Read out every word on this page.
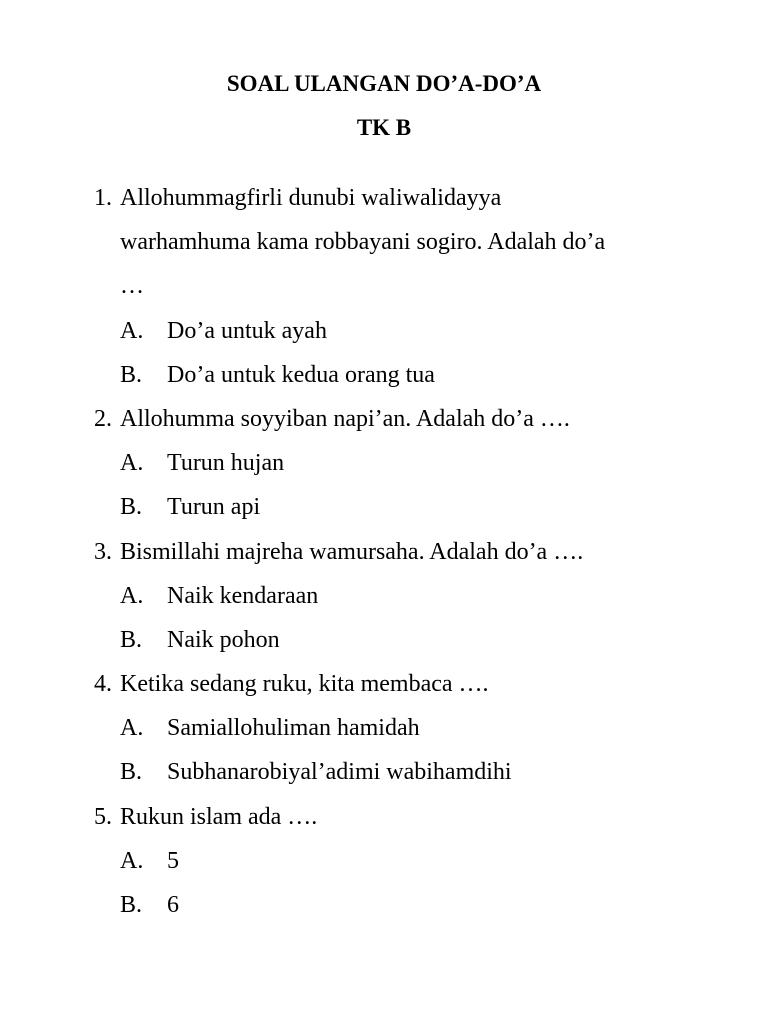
SOAL ULANGAN DO’A-DO’A
TK B
1. Allohummagfirli dunubi waliwalidayya
warhamhuma kama robbayani sogiro. Adalah do’a
…
A. Do’a untuk ayah
B. Do’a untuk kedua orang tua
2. Allohumma soyyiban napi’an. Adalah do’a ….
A. Turun hujan
B. Turun api
3. Bismillahi majreha wamursaha. Adalah do’a ….
A. Naik kendaraan
B. Naik pohon
4. Ketika sedang ruku, kita membaca ….
A. Samiallohuliman hamidah
B. Subhanarobiyal’adimi wabihamdihi
5. Rukun islam ada ….
A. 5
B. 6
